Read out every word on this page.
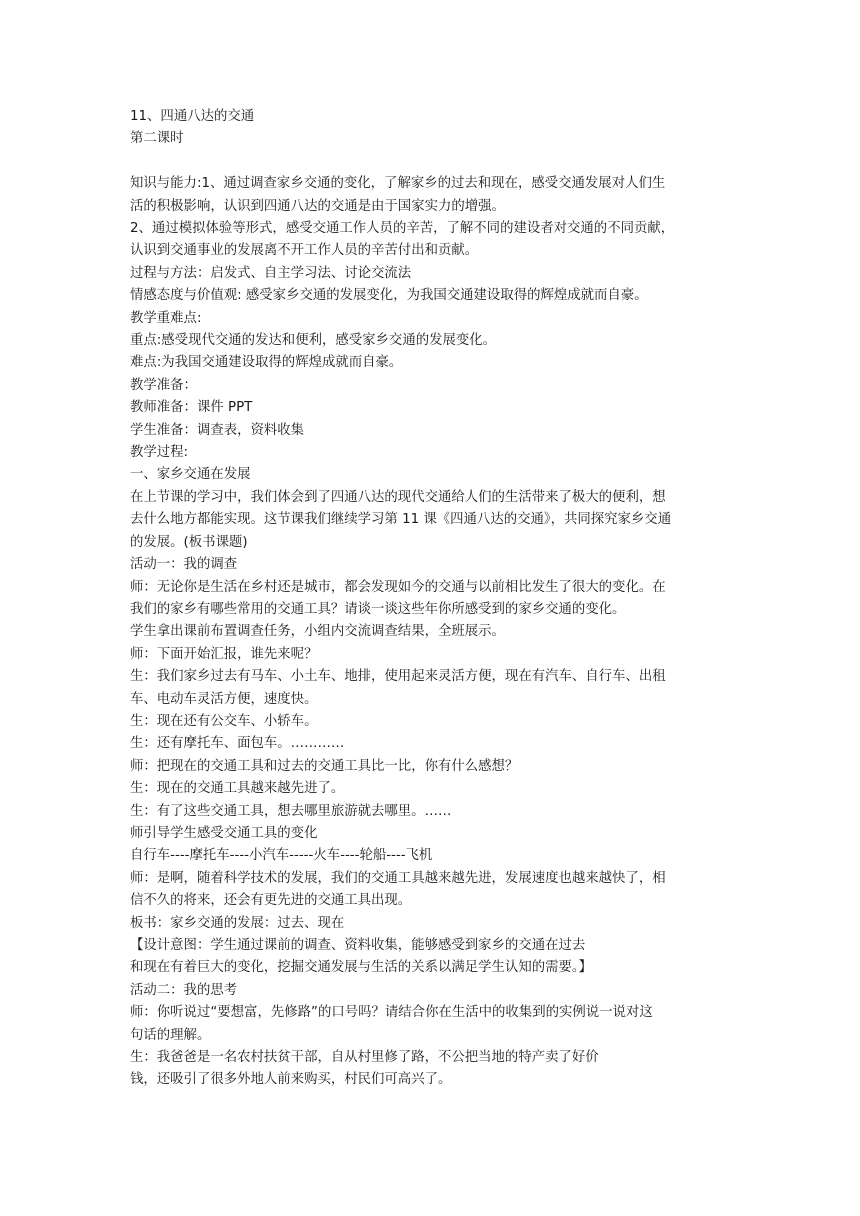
11、四通八达的交通
第二课时
知识与能力:1、通过调查家乡交通的变化，了解家乡的过去和现在，感受交通发展对人们生
活的积极影响，认识到四通八达的交通是由于国家实力的增强。
2、通过模拟体验等形式，感受交通工作人员的辛苦，了解不同的建设者对交通的不同贡献，
认识到交通事业的发展离不开工作人员的辛苦付出和贡献。
过程与方法：启发式、自主学习法、讨论交流法
情感态度与价值观: 感受家乡交通的发展变化，为我国交通建设取得的辉煌成就而自豪。
教学重难点:
重点:感受现代交通的发达和便利，感受家乡交通的发展变化。
难点:为我国交通建设取得的辉煌成就而自豪。
教学准备：
教师准备：课件 PPT
学生准备：调查表，资料收集
教学过程:
一、家乡交通在发展
在上节课的学习中，我们体会到了四通八达的现代交通给人们的生活带来了极大的便利，想
去什么地方都能实现。这节课我们继续学习第 11 课《四通八达的交通》，共同探究家乡交通
的发展。(板书课题)
活动一：我的调查
师：无论你是生活在乡村还是城市，都会发现如今的交通与以前相比发生了很大的变化。在
我们的家乡有哪些常用的交通工具？请谈一谈这些年你所感受到的家乡交通的变化。
学生拿出课前布置调查任务，小组内交流调查结果，全班展示。
师：下面开始汇报，谁先来呢？
生：我们家乡过去有马车、小土车、地排，使用起来灵活方便，现在有汽车、自行车、出租
车、电动车灵活方便，速度快。
生：现在还有公交车、小轿车。
生：还有摩托车、面包车。…………
师：把现在的交通工具和过去的交通工具比一比，你有什么感想？
生：现在的交通工具越来越先进了。
生：有了这些交通工具，想去哪里旅游就去哪里。……
师引导学生感受交通工具的变化
自行车----摩托车----小汽车-----火车----轮船----飞机
师：是啊，随着科学技术的发展，我们的交通工具越来越先进，发展速度也越来越快了，相
信不久的将来，还会有更先进的交通工具出现。
板书：家乡交通的发展：过去、现在
【设计意图：学生通过课前的调查、资料收集，能够感受到家乡的交通在过去
和现在有着巨大的变化，挖掘交通发展与生活的关系以满足学生认知的需要。】
活动二：我的思考
师：你听说过“要想富，先修路”的口号吗？请结合你在生活中的收集到的实例说一说对这
句话的理解。
生：我爸爸是一名农村扶贫干部，自从村里修了路，不公把当地的特产卖了好价
钱，还吸引了很多外地人前来购买，村民们可高兴了。
